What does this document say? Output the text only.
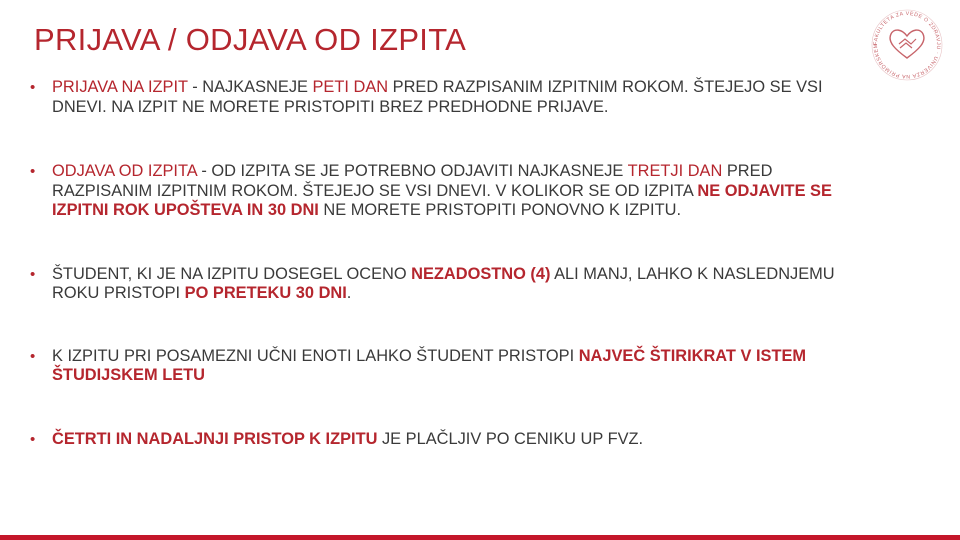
PRIJAVA / ODJAVA OD IZPITA	FAKULTETA ZA VEDE O ZDRAVJU · UNIVERZA NA PRIMORSKEM
• PRIJAVA NA IZPIT - NAJKASNEJE PETI DAN PRED RAZPISANIM IZPITNIM ROKOM. ŠTEJEJO SE VSI DNEVI. NA IZPIT NE MORETE PRISTOPITI BREZ PREDHODNE PRIJAVE.
• ODJAVA OD IZPITA - OD IZPITA SE JE POTREBNO ODJAVITI NAJKASNEJE TRETJI DAN PRED RAZPISANIM IZPITNIM ROKOM. ŠTEJEJO SE VSI DNEVI. V KOLIKOR SE OD IZPITA NE ODJAVITE SE IZPITNI ROK UPOŠTEVA IN 30 DNI NE MORETE PRISTOPITI PONOVNO K IZPITU.
• ŠTUDENT, KI JE NA IZPITU DOSEGEL OCENO NEZADOSTNO (4) ALI MANJ, LAHKO K NASLEDNJEMU ROKU PRISTOPI PO PRETEKU 30 DNI.
• K IZPITU PRI POSAMEZNI UČNI ENOTI LAHKO ŠTUDENT PRISTOPI NAJVEČ ŠTIRIKRAT V ISTEM ŠTUDIJSKEM LETU
• ČETRTI IN NADALJNJI PRISTOP K IZPITU JE PLAČLJIV PO CENIKU UP FVZ.
